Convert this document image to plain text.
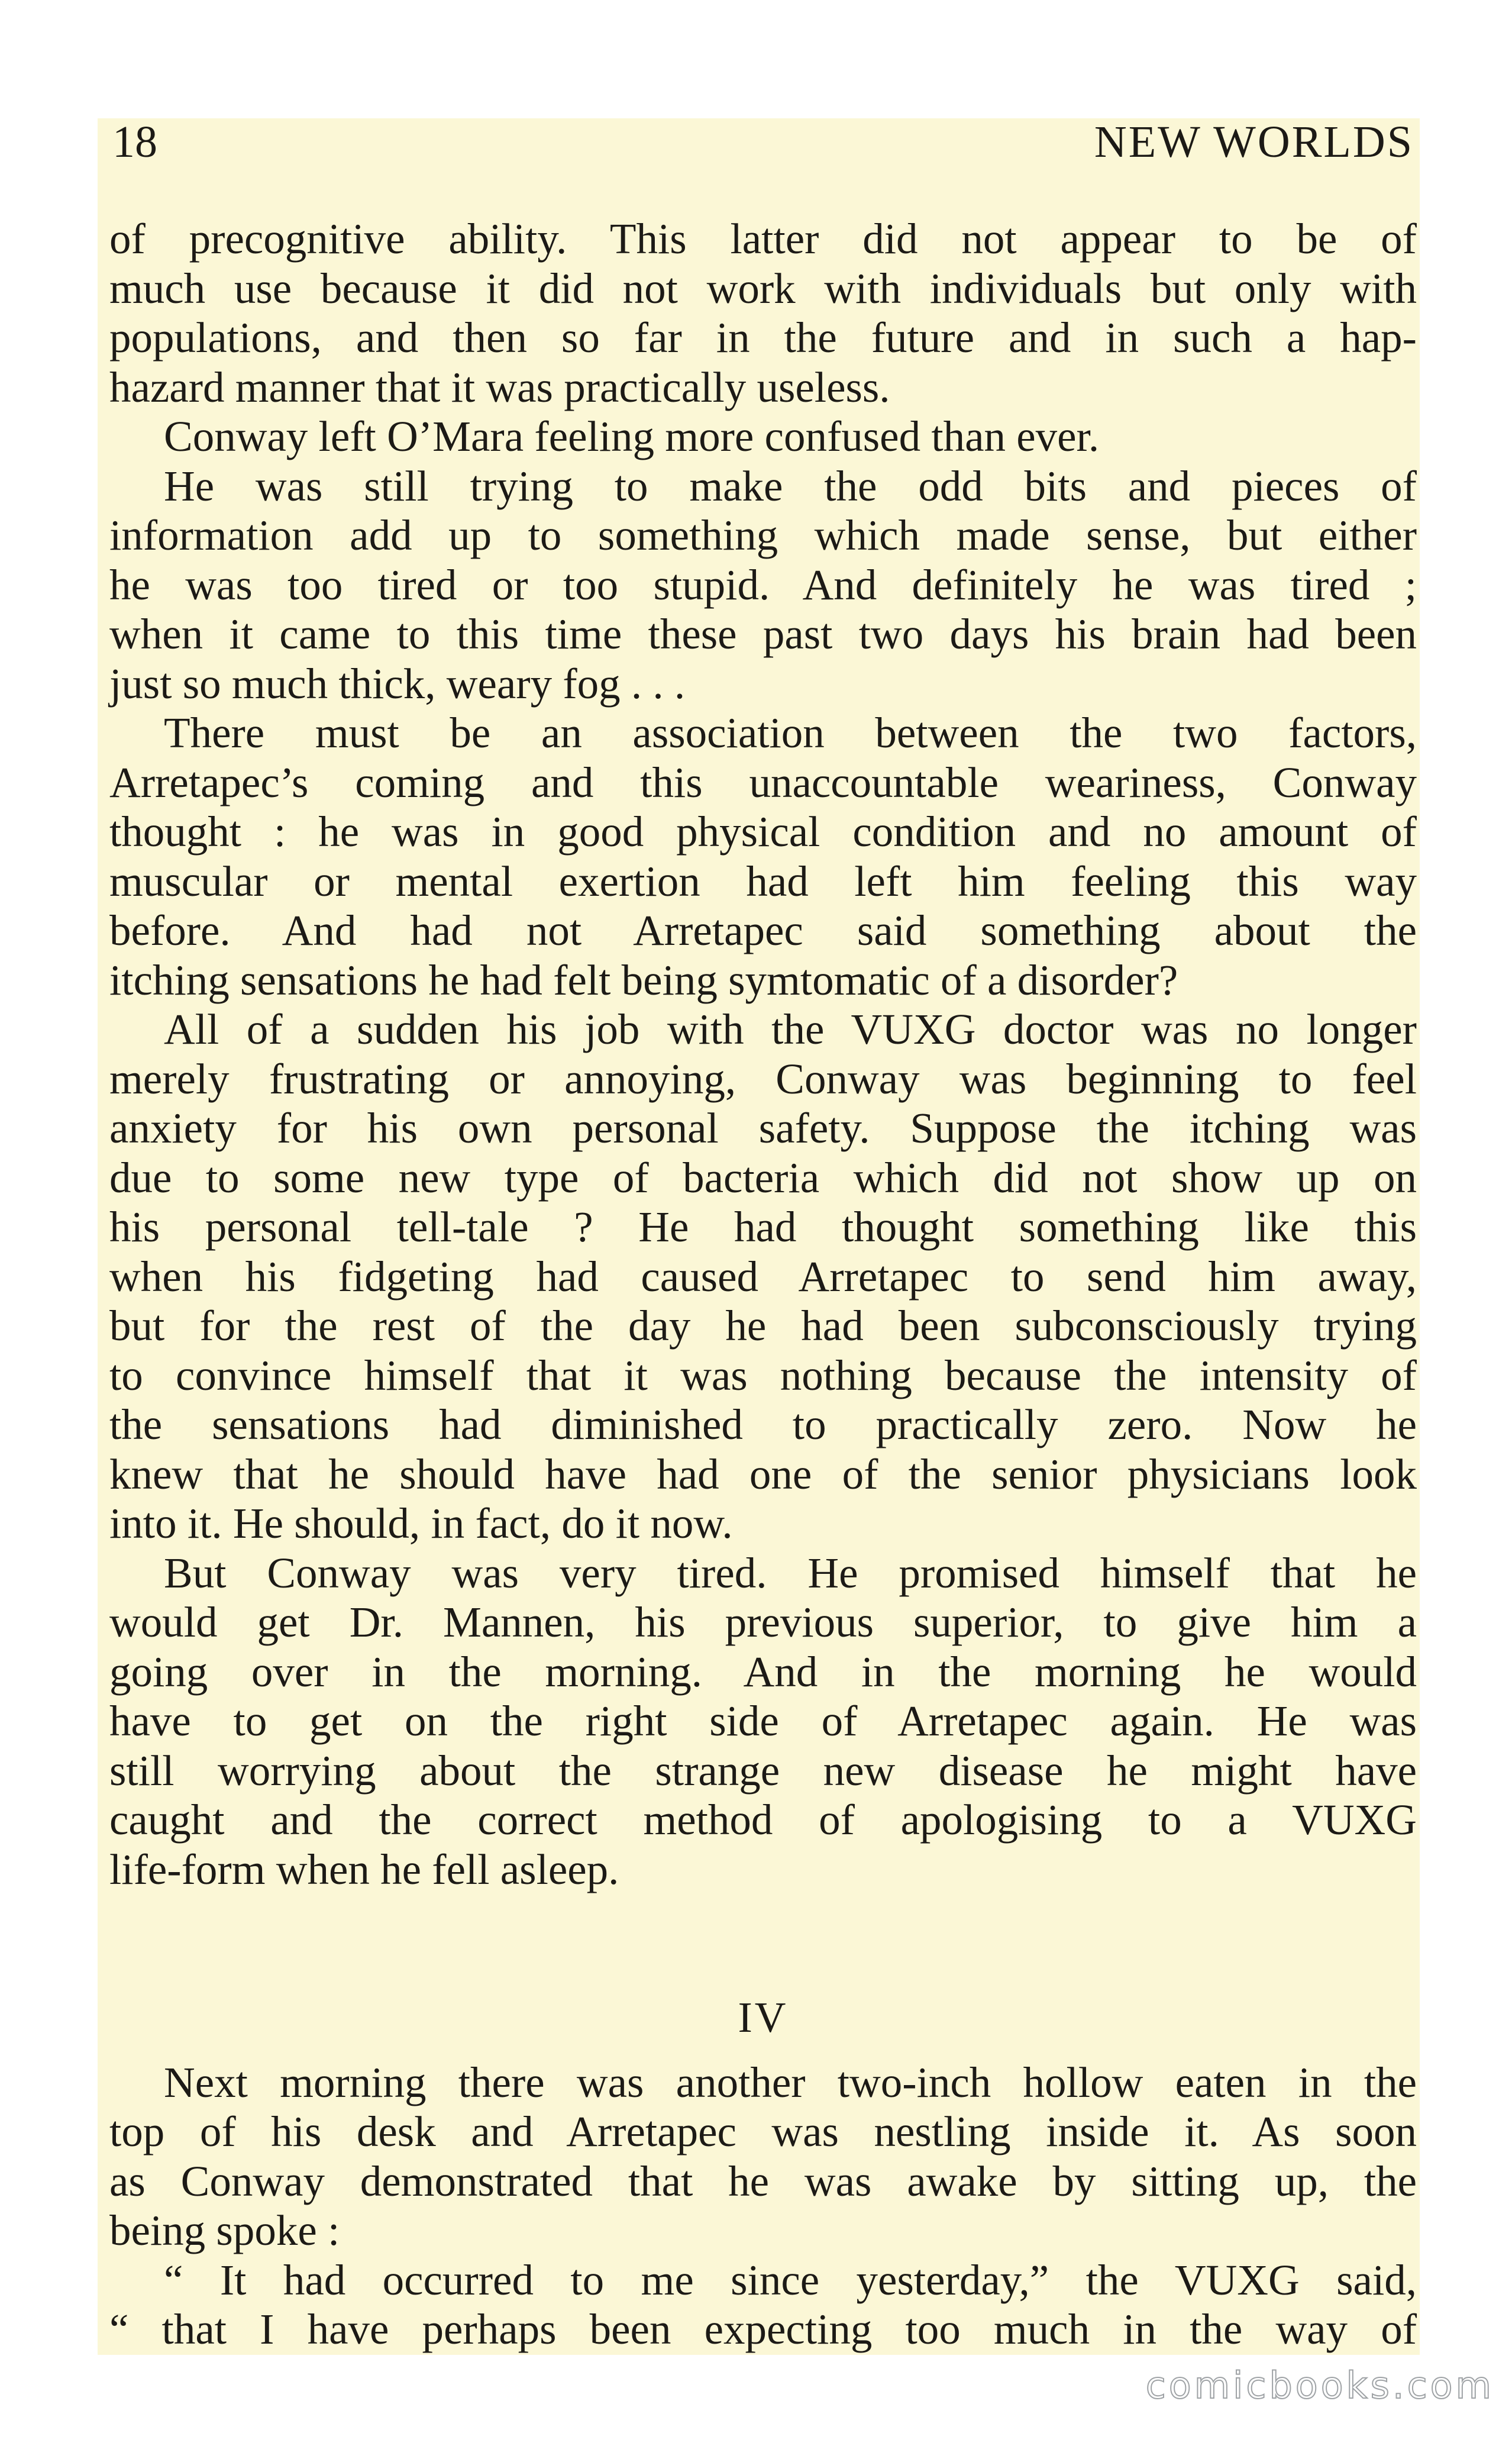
18	NEW WORLDS
of precognitive ability. This latter did not appear to be of
much use because it did not work with individuals but only with
populations, and then so far in the future and in such a hap-
hazard manner that it was practically useless.
Conway left O’Mara feeling more confused than ever.
He was still trying to make the odd bits and pieces of
information add up to something which made sense, but either
he was too tired or too stupid. And definitely he was tired ;
when it came to this time these past two days his brain had been
just so much thick, weary fog . . .
There must be an association between the two factors,
Arretapec’s coming and this unaccountable weariness, Conway
thought : he was in good physical condition and no amount of
muscular or mental exertion had left him feeling this way
before. And had not Arretapec said something about the
itching sensations he had felt being symtomatic of a disorder?
All of a sudden his job with the VUXG doctor was no longer
merely frustrating or annoying, Conway was beginning to feel
anxiety for his own personal safety. Suppose the itching was
due to some new type of bacteria which did not show up on
his personal tell-tale ? He had thought something like this
when his fidgeting had caused Arretapec to send him away,
but for the rest of the day he had been subconsciously trying
to convince himself that it was nothing because the intensity of
the sensations had diminished to practically zero. Now he
knew that he should have had one of the senior physicians look
into it. He should, in fact, do it now.
But Conway was very tired. He promised himself that he
would get Dr. Mannen, his previous superior, to give him a
going over in the morning. And in the morning he would
have to get on the right side of Arretapec again. He was
still worrying about the strange new disease he might have
caught and the correct method of apologising to a VUXG
life-form when he fell asleep.
IV
Next morning there was another two-inch hollow eaten in the
top of his desk and Arretapec was nestling inside it. As soon
as Conway demonstrated that he was awake by sitting up, the
being spoke :
“ It had occurred to me since yesterday,” the VUXG said,
“ that I have perhaps been expecting too much in the way of
comicbooks.com
